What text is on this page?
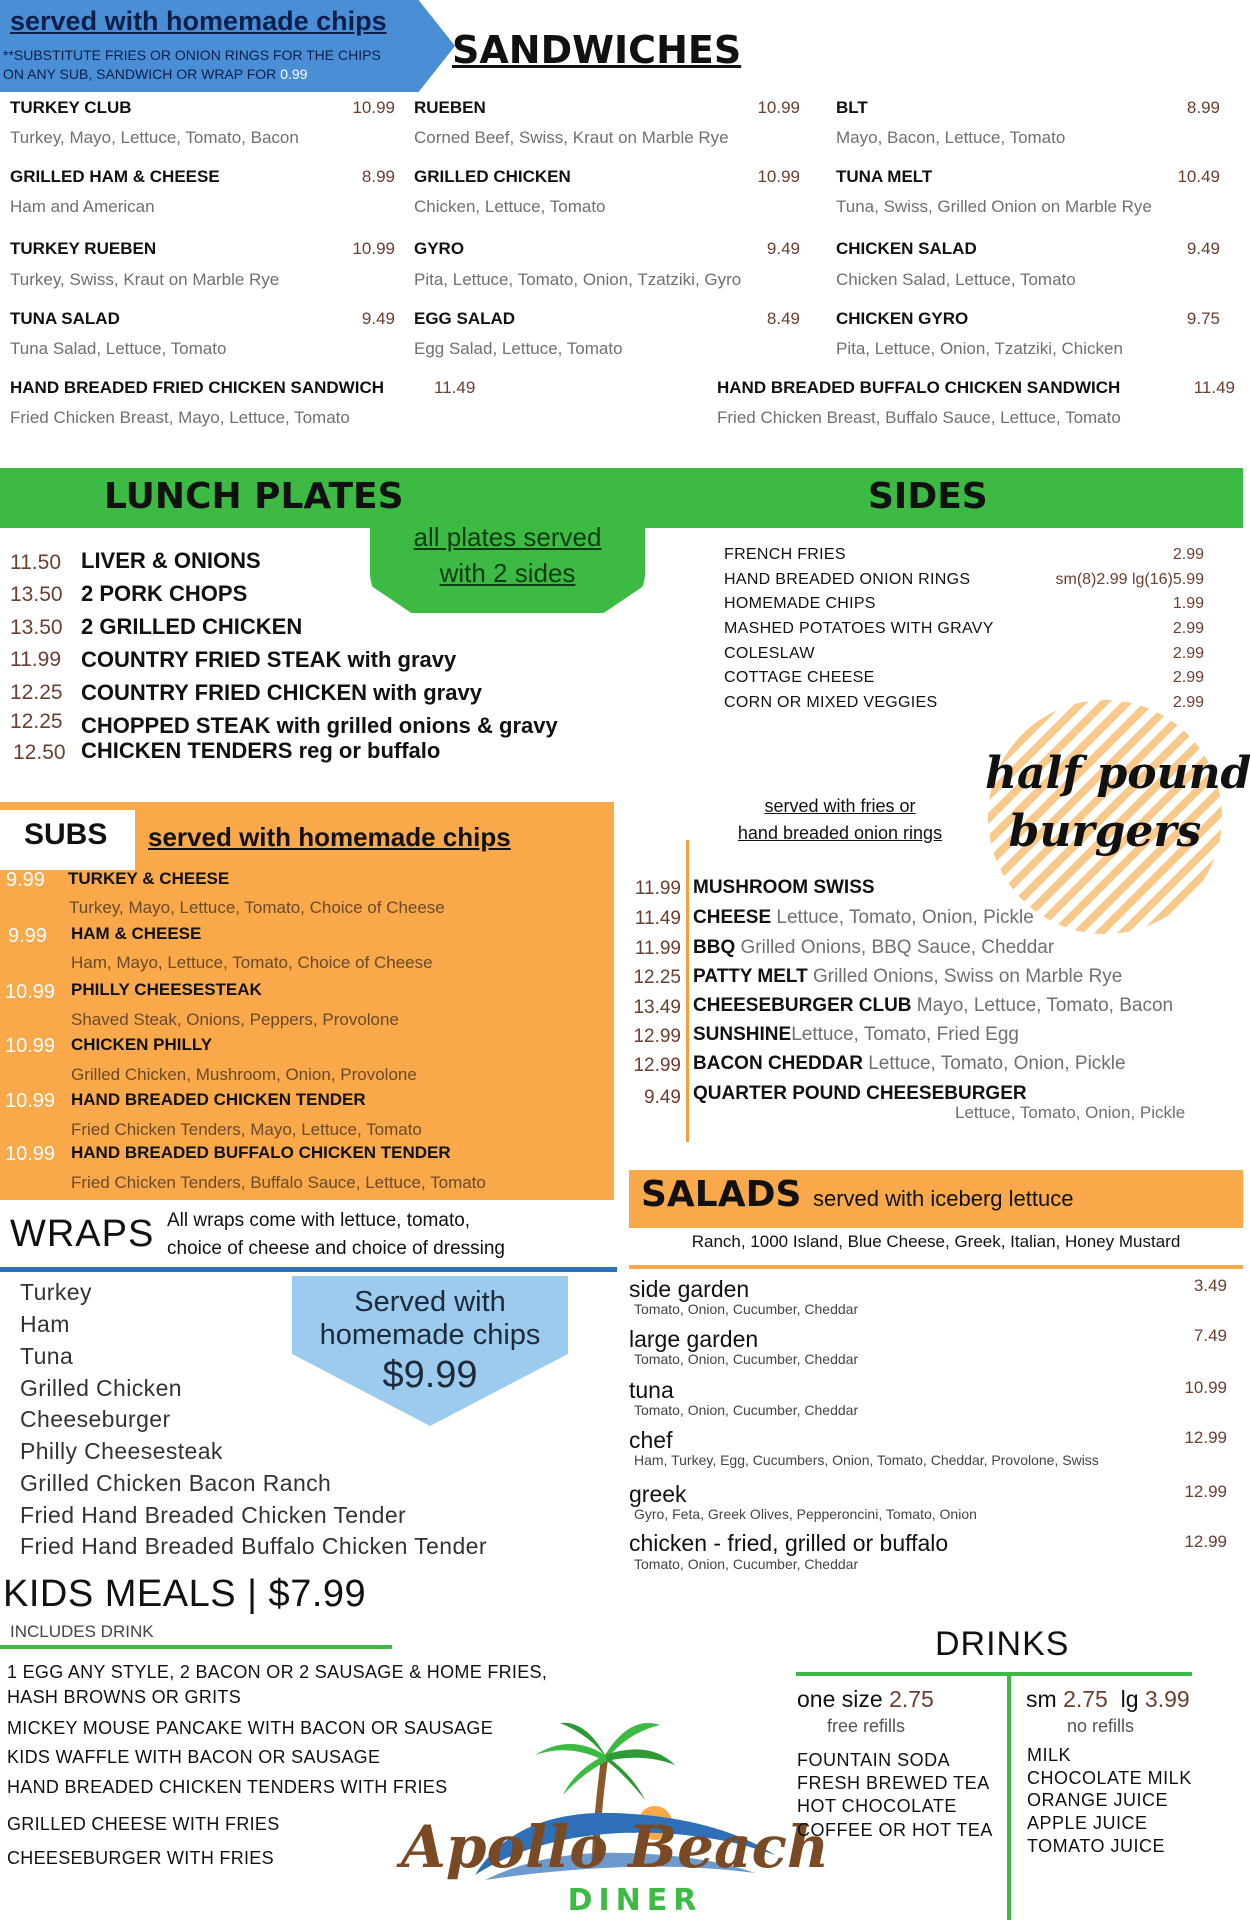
served with homemade chips
**SUBSTITUTE FRIES OR ONION RINGS FOR THE CHIPS
ON ANY SUB, SANDWICH OR WRAP FOR 0.99
SANDWICHES
TURKEY CLUB	10.99
Turkey, Mayo, Lettuce, Tomato, Bacon
RUEBEN	10.99
Corned Beef, Swiss, Kraut on Marble Rye
BLT	8.99
Mayo, Bacon, Lettuce, Tomato
GRILLED HAM & CHEESE	8.99
Ham and American
GRILLED CHICKEN	10.99
Chicken, Lettuce, Tomato
TUNA MELT	10.49
Tuna, Swiss, Grilled Onion on Marble Rye
TURKEY RUEBEN	10.99
Turkey, Swiss, Kraut on Marble Rye
GYRO	9.49
Pita, Lettuce, Tomato, Onion, Tzatziki, Gyro
CHICKEN SALAD	9.49
Chicken Salad, Lettuce, Tomato
TUNA SALAD	9.49
Tuna Salad, Lettuce, Tomato
EGG SALAD	8.49
Egg Salad, Lettuce, Tomato
CHICKEN GYRO	9.75
Pita, Lettuce, Onion, Tzatziki, Chicken
HAND BREADED FRIED CHICKEN SANDWICH	11.49
Fried Chicken Breast, Mayo, Lettuce, Tomato
HAND BREADED BUFFALO CHICKEN SANDWICH	11.49
Fried Chicken Breast, Buffalo Sauce, Lettuce, Tomato
LUNCH PLATES	SIDES
all plates served
with 2 sides
11.50 LIVER & ONIONS
13.50 2 PORK CHOPS
13.50 2 GRILLED CHICKEN
11.99 COUNTRY FRIED STEAK with gravy
12.25 COUNTRY FRIED CHICKEN with gravy
12.25 CHOPPED STEAK with grilled onions & gravy
12.50 CHICKEN TENDERS reg or buffalo
FRENCH FRIES	2.99
HAND BREADED ONION RINGS	sm(8)2.99 lg(16)5.99
HOMEMADE CHIPS	1.99
MASHED POTATOES WITH GRAVY	2.99
COLESLAW	2.99
COTTAGE CHEESE	2.99
CORN OR MIXED VEGGIES	2.99
half pound
burgers
served with fries or
hand breaded onion rings
11.99 MUSHROOM SWISS
11.49 CHEESE Lettuce, Tomato, Onion, Pickle
11.99 BBQ Grilled Onions, BBQ Sauce, Cheddar
12.25 PATTY MELT Grilled Onions, Swiss on Marble Rye
13.49 CHEESEBURGER CLUB Mayo, Lettuce, Tomato, Bacon
12.99 SUNSHINELettuce, Tomato, Fried Egg
12.99 BACON CHEDDAR Lettuce, Tomato, Onion, Pickle
9.49 QUARTER POUND CHEESEBURGER
Lettuce, Tomato, Onion, Pickle
SUBS served with homemade chips
9.99 TURKEY & CHEESE
Turkey, Mayo, Lettuce, Tomato, Choice of Cheese
9.99 HAM & CHEESE
Ham, Mayo, Lettuce, Tomato, Choice of Cheese
10.99 PHILLY CHEESESTEAK
Shaved Steak, Onions, Peppers, Provolone
10.99 CHICKEN PHILLY
Grilled Chicken, Mushroom, Onion, Provolone
10.99 HAND BREADED CHICKEN TENDER
Fried Chicken Tenders, Mayo, Lettuce, Tomato
10.99 HAND BREADED BUFFALO CHICKEN TENDER
Fried Chicken Tenders, Buffalo Sauce, Lettuce, Tomato
WRAPS All wraps come with lettuce, tomato,
choice of cheese and choice of dressing
Served with
homemade chips
$9.99
Turkey
Ham
Tuna
Grilled Chicken
Cheeseburger
Philly Cheesesteak
Grilled Chicken Bacon Ranch
Fried Hand Breaded Chicken Tender
Fried Hand Breaded Buffalo Chicken Tender
SALADS served with iceberg lettuce
Ranch, 1000 Island, Blue Cheese, Greek, Italian, Honey Mustard
side garden	3.49
Tomato, Onion, Cucumber, Cheddar
large garden	7.49
Tomato, Onion, Cucumber, Cheddar
tuna	10.99
Tomato, Onion, Cucumber, Cheddar
chef	12.99
Ham, Turkey, Egg, Cucumbers, Onion, Tomato, Cheddar, Provolone, Swiss
greek	12.99
Gyro, Feta, Greek Olives, Pepperoncini, Tomato, Onion
chicken - fried, grilled or buffalo	12.99
Tomato, Onion, Cucumber, Cheddar
KIDS MEALS | $7.99
INCLUDES DRINK
1 EGG ANY STYLE, 2 BACON OR 2 SAUSAGE & HOME FRIES,
HASH BROWNS OR GRITS
MICKEY MOUSE PANCAKE WITH BACON OR SAUSAGE
KIDS WAFFLE WITH BACON OR SAUSAGE
HAND BREADED CHICKEN TENDERS WITH FRIES
GRILLED CHEESE WITH FRIES
CHEESEBURGER WITH FRIES Apollo Beach
DINER
DRINKS
one size 2.75
free refills
FOUNTAIN SODA
FRESH BREWED TEA
HOT CHOCOLATE
COFFEE OR HOT TEA
sm 2.75 lg 3.99
no refills
MILK
CHOCOLATE MILK
ORANGE JUICE
APPLE JUICE
TOMATO JUICE
